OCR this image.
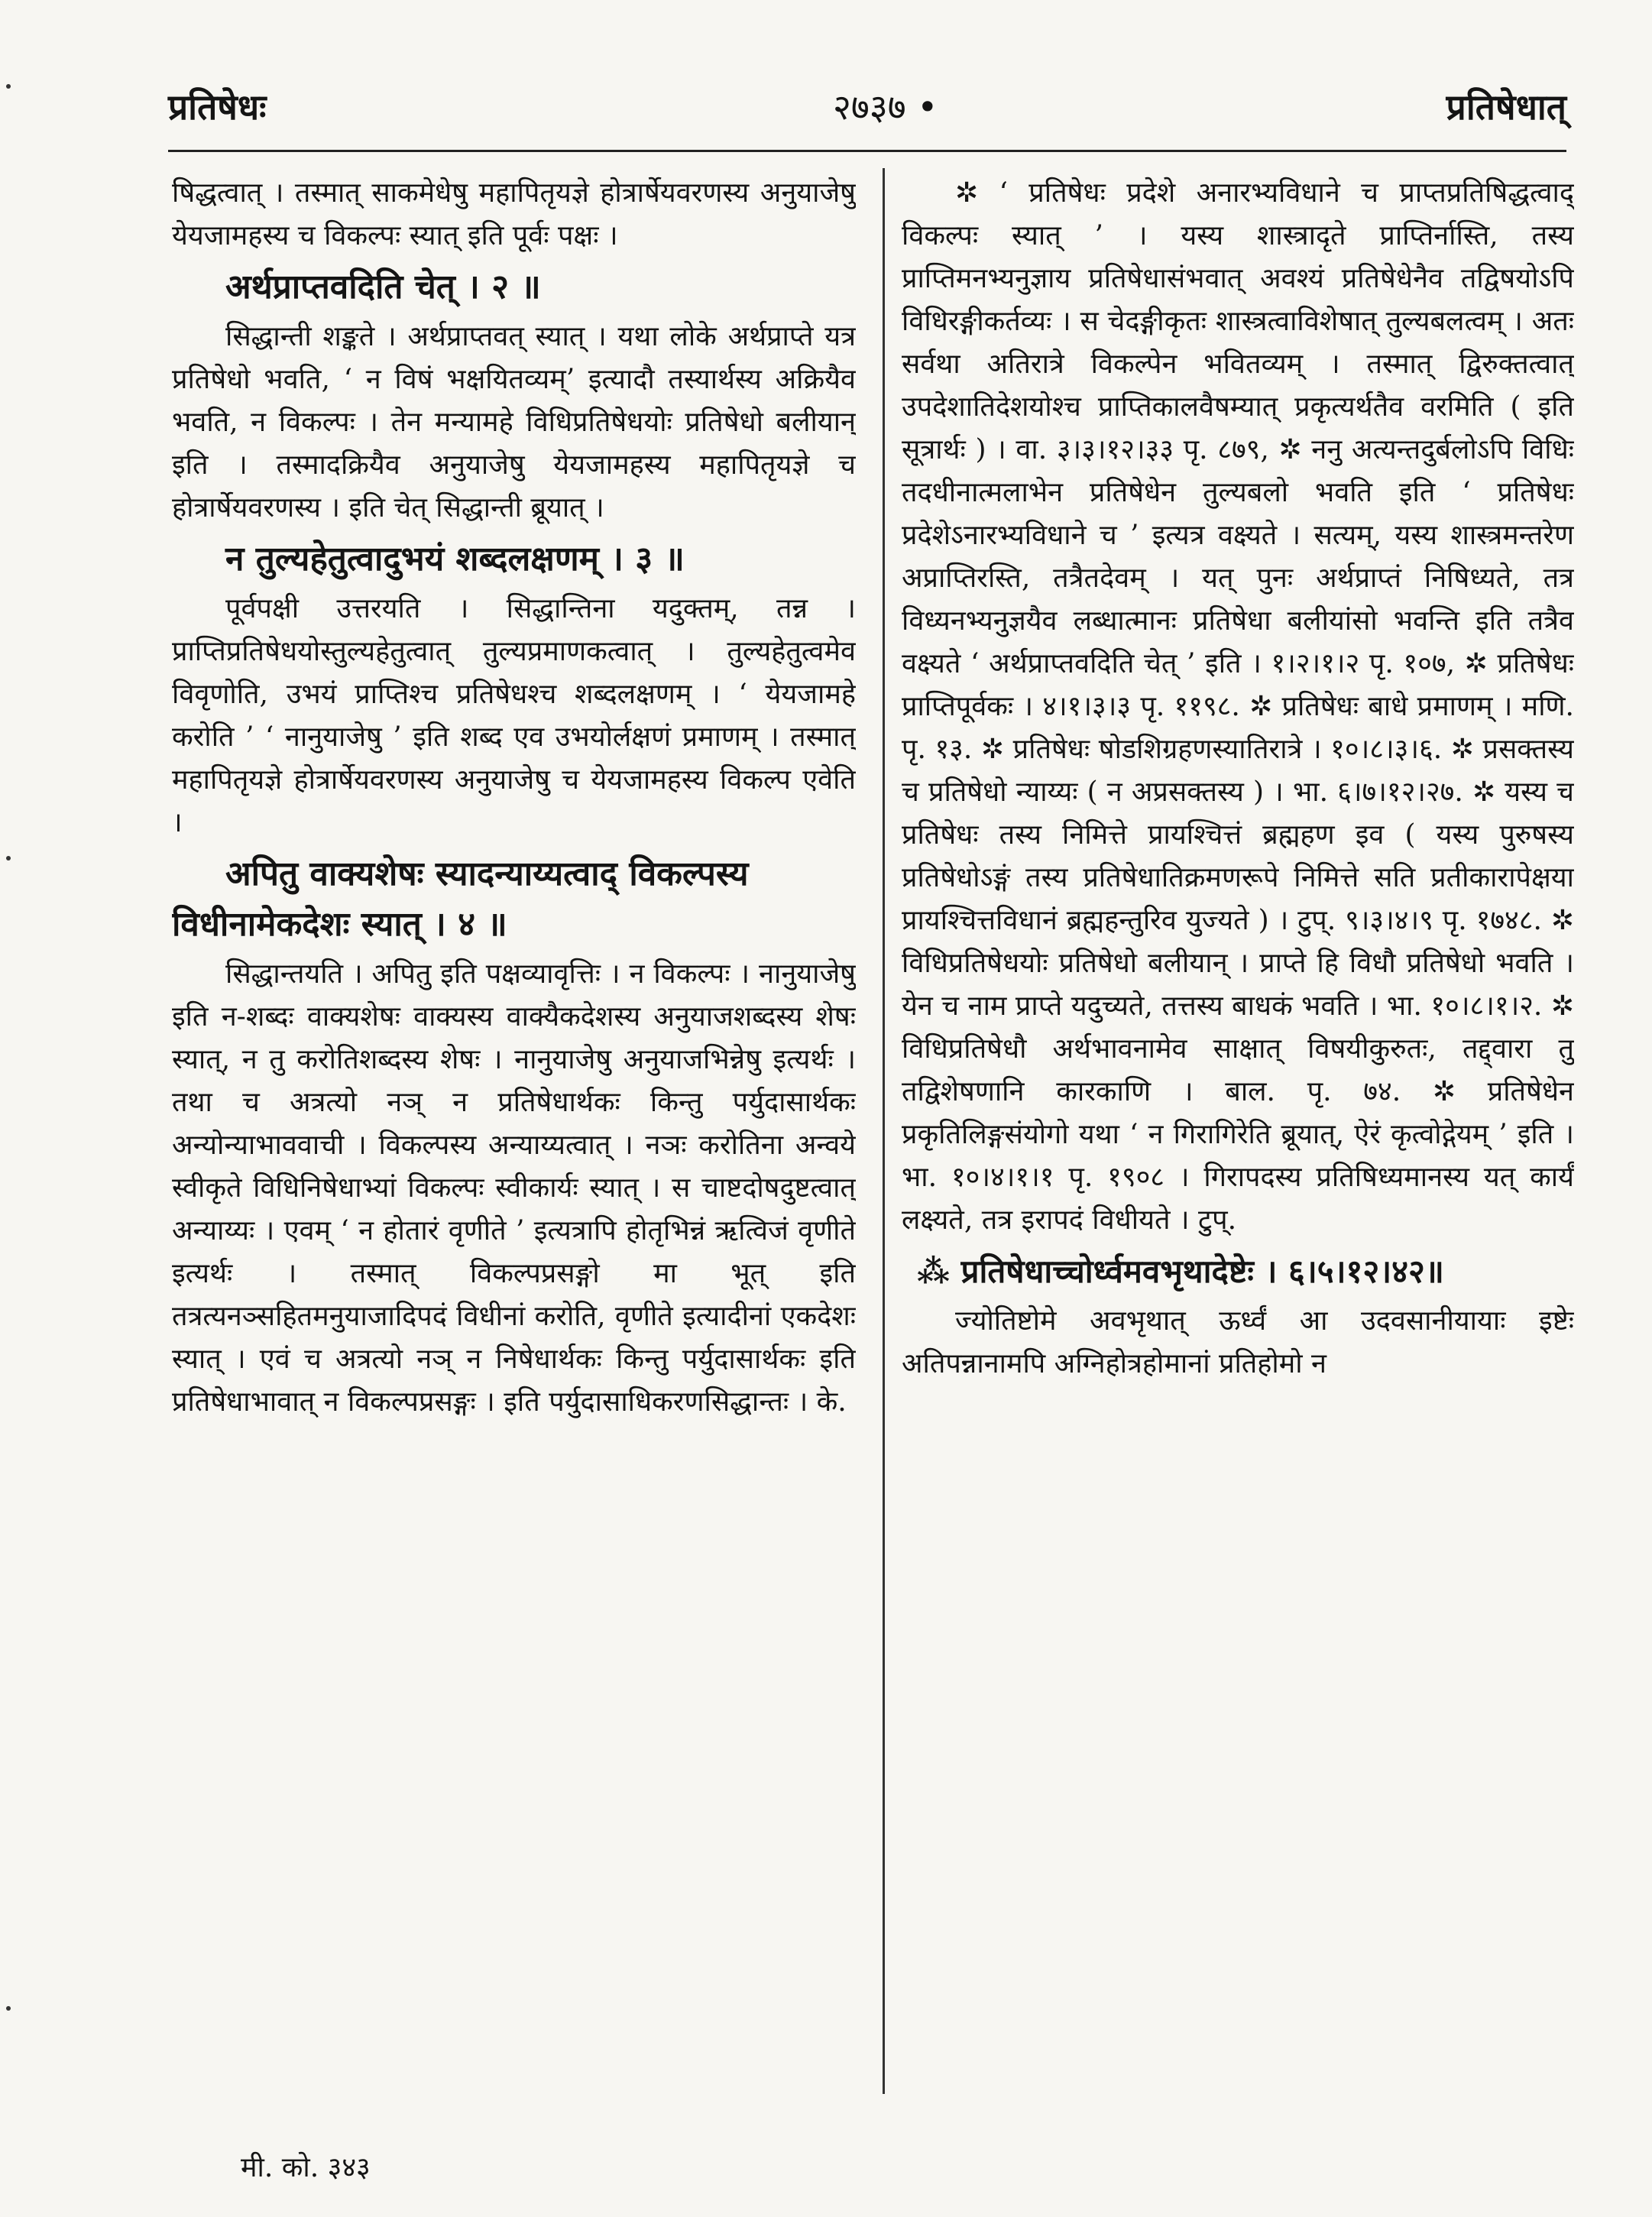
प्रतिषेधः	२७३७ •	प्रतिषेधात्

षिद्धत्वात् । तस्मात् साकमेधेषु महापितृयज्ञे होत्रार्षेयवरणस्य अनुयाजेषु येयजामहस्य च विकल्पः स्यात् इति पूर्वः पक्षः ।

अर्थप्राप्तवदिति चेत् । २ ॥

सिद्धान्ती शङ्कते । अर्थप्राप्तवत् स्यात् । यथा लोके अर्थप्राप्ते यत्र प्रतिषेधो भवति, ‘ न विषं भक्षयितव्यम्’ इत्यादौ तस्यार्थस्य अक्रियैव भवति, न विकल्पः । तेन मन्यामहे विधिप्रतिषेधयोः प्रतिषेधो बलीयान् इति । तस्मादक्रियैव अनुयाजेषु येयजामहस्य महापितृयज्ञे च होत्रार्षेयवरणस्य । इति चेत् सिद्धान्ती ब्रूयात् ।

न तुल्यहेतुत्वादुभयं शब्दलक्षणम् । ३ ॥

पूर्वपक्षी उत्तरयति । सिद्धान्तिना यदुक्तम्, तन्न । प्राप्तिप्रतिषेधयोस्तुल्यहेतुत्वात् तुल्यप्रमाणकत्वात् । तुल्यहेतुत्वमेव विवृणोति, उभयं प्राप्तिश्च प्रतिषेधश्च शब्दलक्षणम् । ‘ येयजामहे करोति ’ ‘ नानुयाजेषु ’ इति शब्द एव उभयोर्लक्षणं प्रमाणम् । तस्मात् महापितृयज्ञे होत्रार्षेयवरणस्य अनुयाजेषु च येयजामहस्य विकल्प एवेति ।

अपितु वाक्यशेषः स्यादन्याय्यत्वाद् विकल्पस्य विधीनामेकदेशः स्यात् । ४ ॥

सिद्धान्तयति । अपितु इति पक्षव्यावृत्तिः । न विकल्पः । नानुयाजेषु इति न-शब्दः वाक्यशेषः वाक्यस्य वाक्यैकदेशस्य अनुयाजशब्दस्य शेषः स्यात्, न तु करोतिशब्दस्य शेषः । नानुयाजेषु अनुयाजभिन्नेषु इत्यर्थः । तथा च अत्रत्यो नञ् न प्रतिषेधार्थकः किन्तु पर्युदासार्थकः अन्योन्याभाववाची । विकल्पस्य अन्याय्यत्वात् । नञः करोतिना अन्वये स्वीकृते विधिनिषेधाभ्यां विकल्पः स्वीकार्यः स्यात् । स चाष्टदोषदुष्टत्वात् अन्याय्यः । एवम् ‘ न होतारं वृणीते ’ इत्यत्रापि होतृभिन्नं ऋत्विजं वृणीते इत्यर्थः । तस्मात् विकल्पप्रसङ्गो मा भूत् इति तत्रत्यनञ्सहितमनुयाजादिपदं विधीनां करोति, वृणीते इत्यादीनां एकदेशः स्यात् । एवं च अत्रत्यो नञ् न निषेधार्थकः किन्तु पर्युदासार्थकः इति प्रतिषेधाभावात् न विकल्पप्रसङ्गः । इति पर्युदासाधिकरणसिद्धान्तः । के.

✲ ‘ प्रतिषेधः प्रदेशे अनारभ्यविधाने च प्राप्तप्रतिषिद्धत्वाद् विकल्पः स्यात् ’ । यस्य शास्त्रादृते प्राप्तिर्नास्ति, तस्य प्राप्तिमनभ्यनुज्ञाय प्रतिषेधासंभवात् अवश्यं प्रतिषेधेनैव तद्विषयोऽपि विधिरङ्गीकर्तव्यः । स चेदङ्गीकृतः शास्त्रत्वाविशेषात् तुल्यबलत्वम् । अतः सर्वथा अतिरात्रे विकल्पेन भवितव्यम् । तस्मात् द्विरुक्तत्वात् उपदेशातिदेशयोश्च प्राप्तिकालवैषम्यात् प्रकृत्यर्थतैव वरमिति ( इति सूत्रार्थः ) । वा. ३।३।१२।३३ पृ. ८७९, ✲ ननु अत्यन्तदुर्बलोऽपि विधिः तदधीनात्मलाभेन प्रतिषेधेन तुल्यबलो भवति इति ‘ प्रतिषेधः प्रदेशेऽनारभ्यविधाने च ’ इत्यत्र वक्ष्यते । सत्यम्, यस्य शास्त्रमन्तरेण अप्राप्तिरस्ति, तत्रैतदेवम् । यत् पुनः अर्थप्राप्तं निषिध्यते, तत्र विध्यनभ्यनुज्ञयैव लब्धात्मानः प्रतिषेधा बलीयांसो भवन्ति इति तत्रैव वक्ष्यते ‘ अर्थप्राप्तवदिति चेत् ’ इति । १।२।१।२ पृ. १०७, ✲ प्रतिषेधः प्राप्तिपूर्वकः । ४।१।३।३ पृ. ११९८. ✲ प्रतिषेधः बाधे प्रमाणम् । मणि. पृ. १३. ✲ प्रतिषेधः षोडशिग्रहणस्यातिरात्रे । १०।८।३।६. ✲ प्रसक्तस्य च प्रतिषेधो न्याय्यः ( न अप्रसक्तस्य ) । भा. ६।७।१२।२७. ✲ यस्य च प्रतिषेधः तस्य निमित्ते प्रायश्चित्तं ब्रह्महण इव ( यस्य पुरुषस्य प्रतिषेधोऽङ्गं तस्य प्रतिषेधातिक्रमणरूपे निमित्ते सति प्रतीकारापेक्षया प्रायश्चित्तविधानं ब्रह्महन्तुरिव युज्यते ) । टुप्. ९।३।४।९ पृ. १७४८. ✲ विधिप्रतिषेधयोः प्रतिषेधो बलीयान् । प्राप्ते हि विधौ प्रतिषेधो भवति । येन च नाम प्राप्ते यदुच्यते, तत्तस्य बाधकं भवति । भा. १०।८।१।२. ✲ विधिप्रतिषेधौ अर्थभावनामेव साक्षात् विषयीकुरुतः, तद्द्वारा तु तद्विशेषणानि कारकाणि । बाल. पृ. ७४. ✲ प्रतिषेधेन प्रकृतिलिङ्गसंयोगो यथा ‘ न गिरागिरेति ब्रूयात्, ऐरं कृत्वोद्गेयम् ’ इति । भा. १०।४।१।१ पृ. १९०८ । गिरापदस्य प्रतिषिध्यमानस्य यत् कार्यं लक्ष्यते, तत्र इरापदं विधीयते । टुप्.

⁂ प्रतिषेधाच्चोर्ध्वमवभृथादेष्टेः । ६।५।१२।४२॥

ज्योतिष्टोमे अवभृथात् ऊर्ध्वं आ उदवसानीयायाः इष्टेः अतिपन्नानामपि अग्निहोत्रहोमानां प्रतिहोमो न

मी. को. ३४३
